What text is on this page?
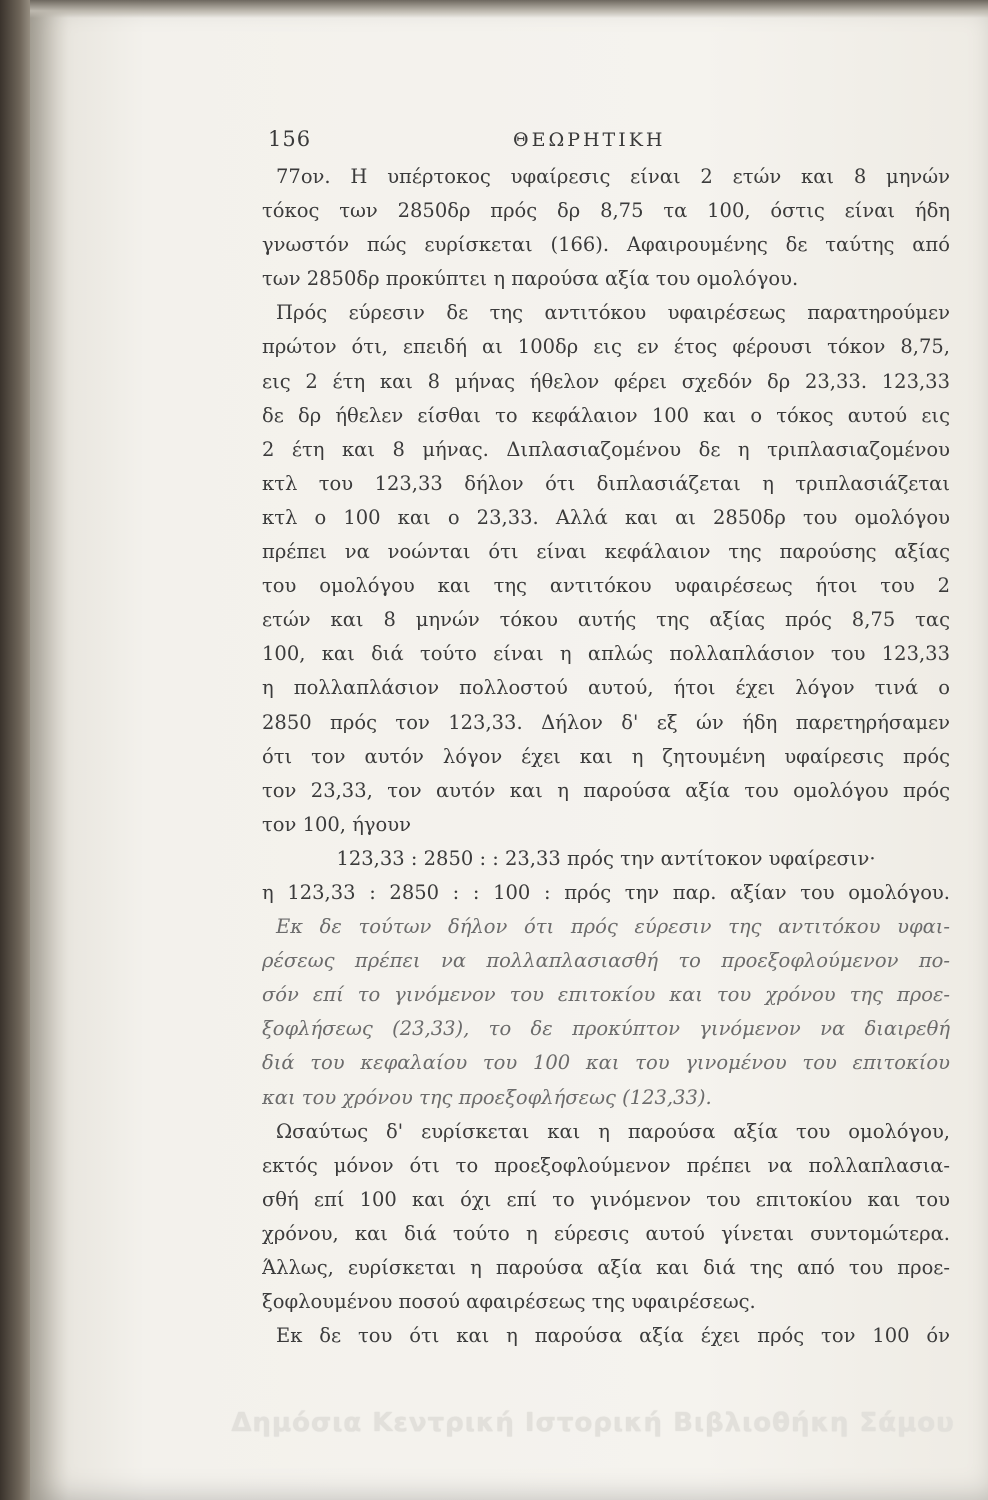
156	ΘΕΩΡΗΤΙΚΗ
77ον. Η υπέρτοκος υφαίρεσις είναι 2 ετών και 8 μηνών
τόκος των 2850δρ πρός δρ 8,75 τα 100, όστις είναι ήδη
γνωστόν πώς ευρίσκεται (166). Αφαιρουμένης δε ταύτης από
των 2850δρ προκύπτει η παρούσα αξία του ομολόγου.
Πρός εύρεσιν δε της αντιτόκου υφαιρέσεως παρατηρούμεν
πρώτον ότι, επειδή αι 100δρ εις εν έτος φέρουσι τόκον 8,75,
εις 2 έτη και 8 μήνας ήθελον φέρει σχεδόν δρ 23,33. 123,33
δε δρ ήθελεν είσθαι το κεφάλαιον 100 και ο τόκος αυτού εις
2 έτη και 8 μήνας. Διπλασιαζομένου δε η τριπλασιαζομένου
κτλ του 123,33 δήλον ότι διπλασιάζεται η τριπλασιάζεται
κτλ ο 100 και ο 23,33. Αλλά και αι 2850δρ του ομολόγου
πρέπει να νοώνται ότι είναι κεφάλαιον της παρούσης αξίας
του ομολόγου και της αντιτόκου υφαιρέσεως ήτοι του 2
ετών και 8 μηνών τόκου αυτής της αξίας πρός 8,75 τας
100, και διά τούτο είναι η απλώς πολλαπλάσιον του 123,33
η πολλαπλάσιον πολλοστού αυτού, ήτοι έχει λόγον τινά ο
2850 πρός τον 123,33. Δήλον δ' εξ ών ήδη παρετηρήσαμεν
ότι τον αυτόν λόγον έχει και η ζητουμένη υφαίρεσις πρός
τον 23,33, τον αυτόν και η παρούσα αξία του ομολόγου πρός
τον 100, ήγουν
123,33 : 2850 : : 23,33 πρός την αντίτοκον υφαίρεσιν·
η 123,33 : 2850 : : 100 : πρός την παρ. αξίαν του ομολόγου.
Εκ δε τούτων δήλον ότι πρός εύρεσιν της αντιτόκου υφαι-
ρέσεως πρέπει να πολλαπλασιασθή το προεξοφλούμενον πο-
σόν επί το γινόμενον του επιτοκίου και του χρόνου της προε-
ξοφλήσεως (23,33), το δε προκύπτον γινόμενον να διαιρεθή
διά του κεφαλαίου του 100 και του γινομένου του επιτοκίου
και του χρόνου της προεξοφλήσεως (123,33).
Ωσαύτως δ' ευρίσκεται και η παρούσα αξία του ομολόγου,
εκτός μόνον ότι το προεξοφλούμενον πρέπει να πολλαπλασια-
σθή επί 100 και όχι επί το γινόμενον του επιτοκίου και του
χρόνου, και διά τούτο η εύρεσις αυτού γίνεται συντομώτερα.
Άλλως, ευρίσκεται η παρούσα αξία και διά της από του προε-
ξοφλουμένου ποσού αφαιρέσεως της υφαιρέσεως.
Εκ δε του ότι και η παρούσα αξία έχει πρός τον 100 όν
Δημόσια Κεντρική Ιστορική Βιβλιοθήκη Σάμου
